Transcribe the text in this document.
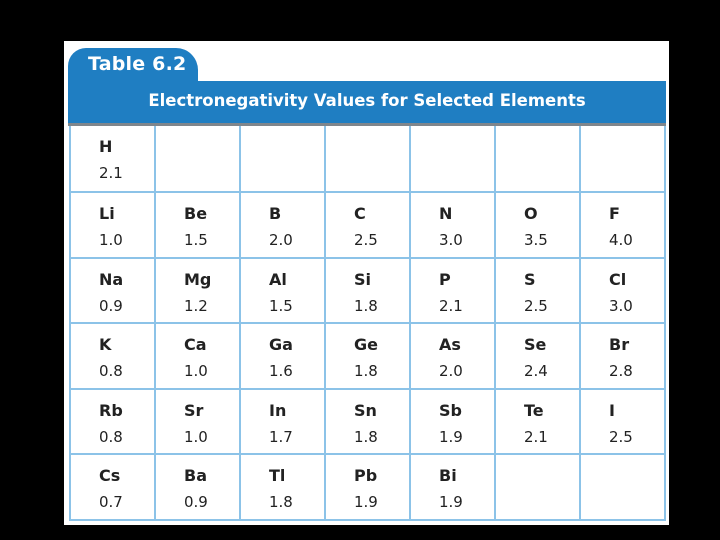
Table 6.2
Electronegativity Values for Selected Elements
H
2.1
Li
1.0
Be
1.5
B
2.0
C
2.5
N
3.0
O
3.5
F
4.0
Na
0.9
Mg
1.2
Al
1.5
Si
1.8
P
2.1
S
2.5
Cl
3.0
K
0.8
Ca
1.0
Ga
1.6
Ge
1.8
As
2.0
Se
2.4
Br
2.8
Rb
0.8
Sr
1.0
In
1.7
Sn
1.8
Sb
1.9
Te
2.1
I
2.5
Cs
0.7
Ba
0.9
Tl
1.8
Pb
1.9
Bi
1.9
